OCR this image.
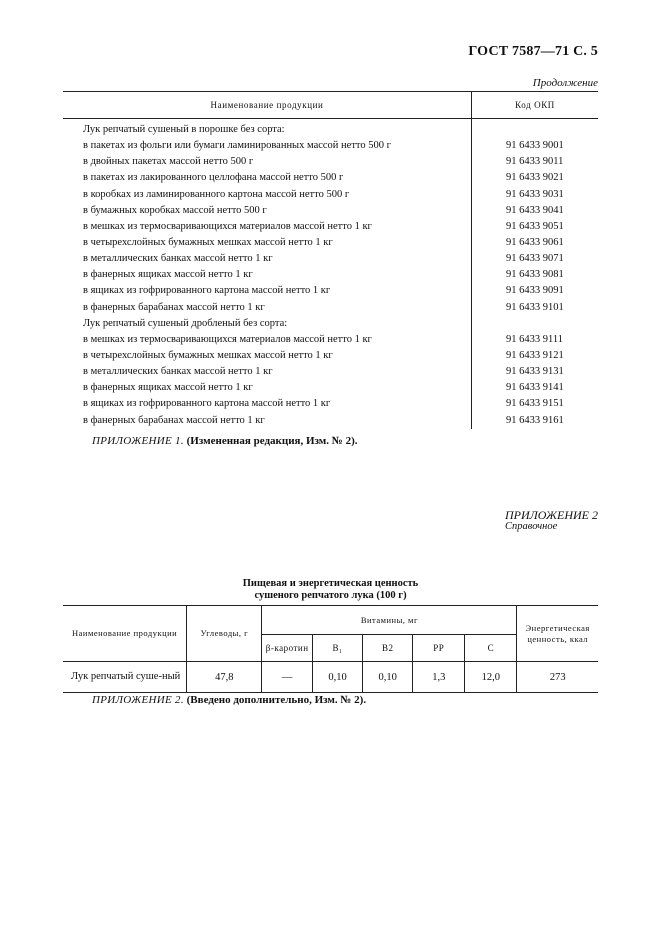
ГОСТ 7587—71 С. 5
Продолжение
Наименование продукции	Код ОКП
Лук репчатый сушеный в порошке без сорта:	
в пакетах из фольги или бумаги ламинированных массой нетто 500 г	91 6433 9001
в двойных пакетах массой нетто 500 г	91 6433 9011
в пакетах из лакированного целлофана массой нетто 500 г	91 6433 9021
в коробках из ламинированного картона массой нетто 500 г	91 6433 9031
в бумажных коробках массой нетто 500 г	91 6433 9041
в мешках из термосваривающихся материалов массой нетто 1 кг	91 6433 9051
в четырехслойных бумажных мешках массой нетто 1 кг	91 6433 9061
в металлических банках массой нетто 1 кг	91 6433 9071
в фанерных ящиках массой нетто 1 кг	91 6433 9081
в ящиках из гофрированного картона массой нетто 1 кг	91 6433 9091
в фанерных барабанах массой нетто 1 кг	91 6433 9101
Лук репчатый сушеный дробленый без сорта:	
в мешках из термосваривающихся материалов массой нетто 1 кг	91 6433 9111
в четырехслойных бумажных мешках массой нетто 1 кг	91 6433 9121
в металлических банках массой нетто 1 кг	91 6433 9131
в фанерных ящиках массой нетто 1 кг	91 6433 9141
в ящиках из гофрированного картона массой нетто 1 кг	91 6433 9151
в фанерных барабанах массой нетто 1 кг	91 6433 9161
ПРИЛОЖЕНИЕ 1. (Измененная редакция, Изм. № 2).
ПРИЛОЖЕНИЕ 2
Справочное
Пищевая и энергетическая ценность
сушеного репчатого лука (100 г)
Наименование продукции	Углеводы, г	Витамины, мг					Энергетическая ценность, ккал
		β-каротин	B₁	B2	PP	C	
Лук репчатый суше-ный	47,8	—	0,10	0,10	1,3	12,0	273
ПРИЛОЖЕНИЕ 2. (Введено дополнительно, Изм. № 2).
